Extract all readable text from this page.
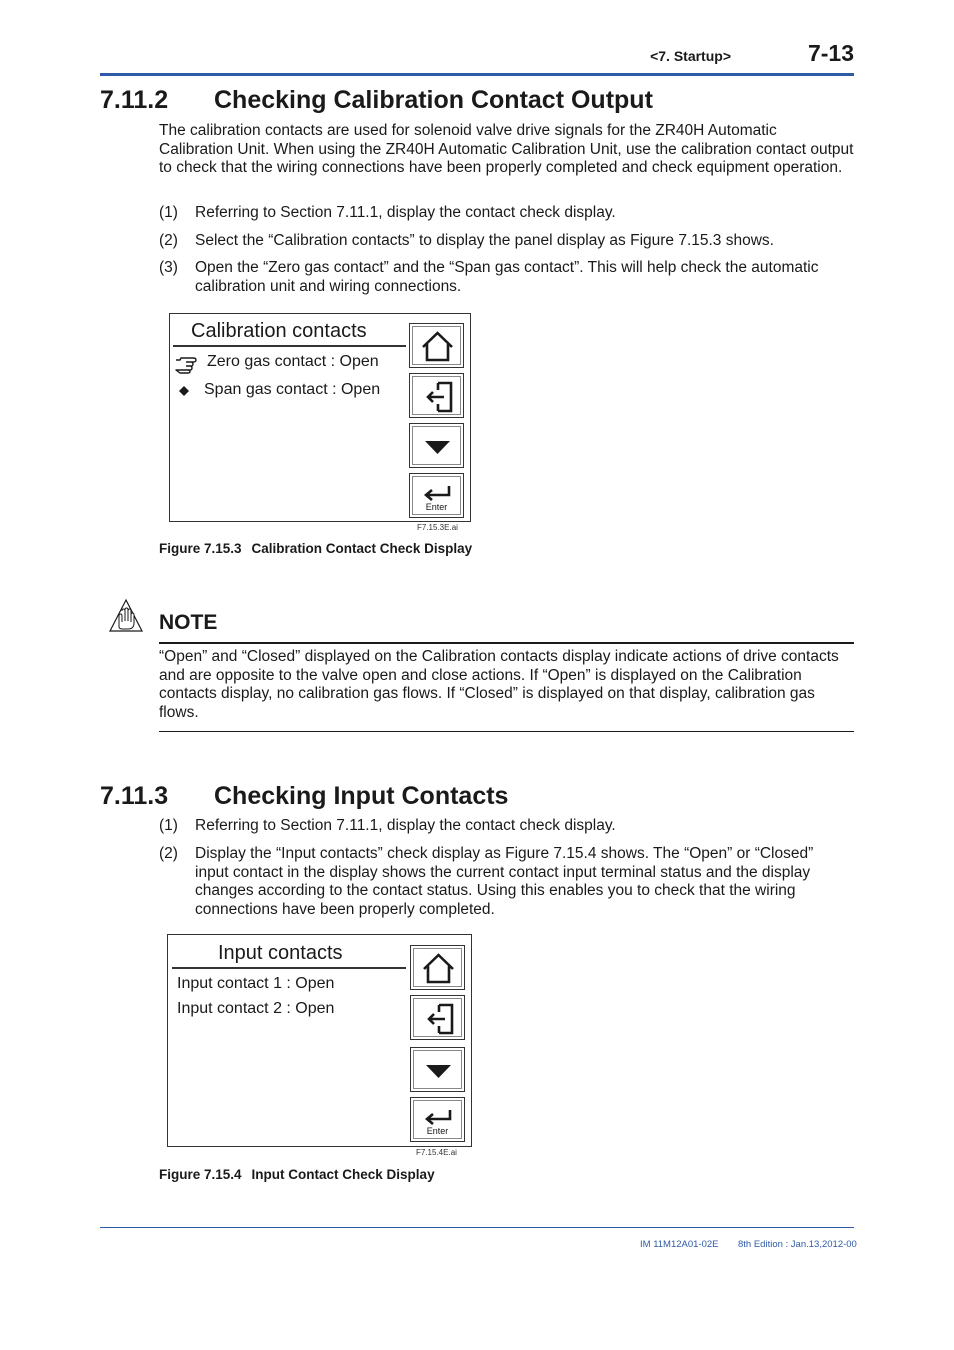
<7. Startup>	7-13
7.11.2 Checking Calibration Contact Output
The calibration contacts are used for solenoid valve drive signals for the ZR40H Automatic Calibration Unit. When using the ZR40H Automatic Calibration Unit, use the calibration contact output to check that the wiring connections have been properly completed and check equipment operation.
(1) Referring to Section 7.11.1, display the contact check display.
(2) Select the “Calibration contacts” to display the panel display as Figure 7.15.3 shows.
(3) Open the “Zero gas contact” and the “Span gas contact”. This will help check the automatic calibration unit and wiring connections.
Calibration contacts
Zero gas contact : Open
Span gas contact : Open
Enter
F7.15.3E.ai
Figure 7.15.3 Calibration Contact Check Display
NOTE
“Open” and “Closed” displayed on the Calibration contacts display indicate actions of drive contacts and are opposite to the valve open and close actions. If “Open” is displayed on the Calibration contacts display, no calibration gas flows. If “Closed” is displayed on that display, calibration gas flows.
7.11.3 Checking Input Contacts
(1) Referring to Section 7.11.1, display the contact check display.
(2) Display the “Input contacts” check display as Figure 7.15.4 shows. The “Open” or “Closed” input contact in the display shows the current contact input terminal status and the display changes according to the contact status. Using this enables you to check that the wiring connections have been properly completed.
Input contacts
Input contact 1 : Open
Input contact 2 : Open
Enter
F7.15.4E.ai
Figure 7.15.4 Input Contact Check Display
IM 11M12A01-02E 8th Edition : Jan.13,2012-00
